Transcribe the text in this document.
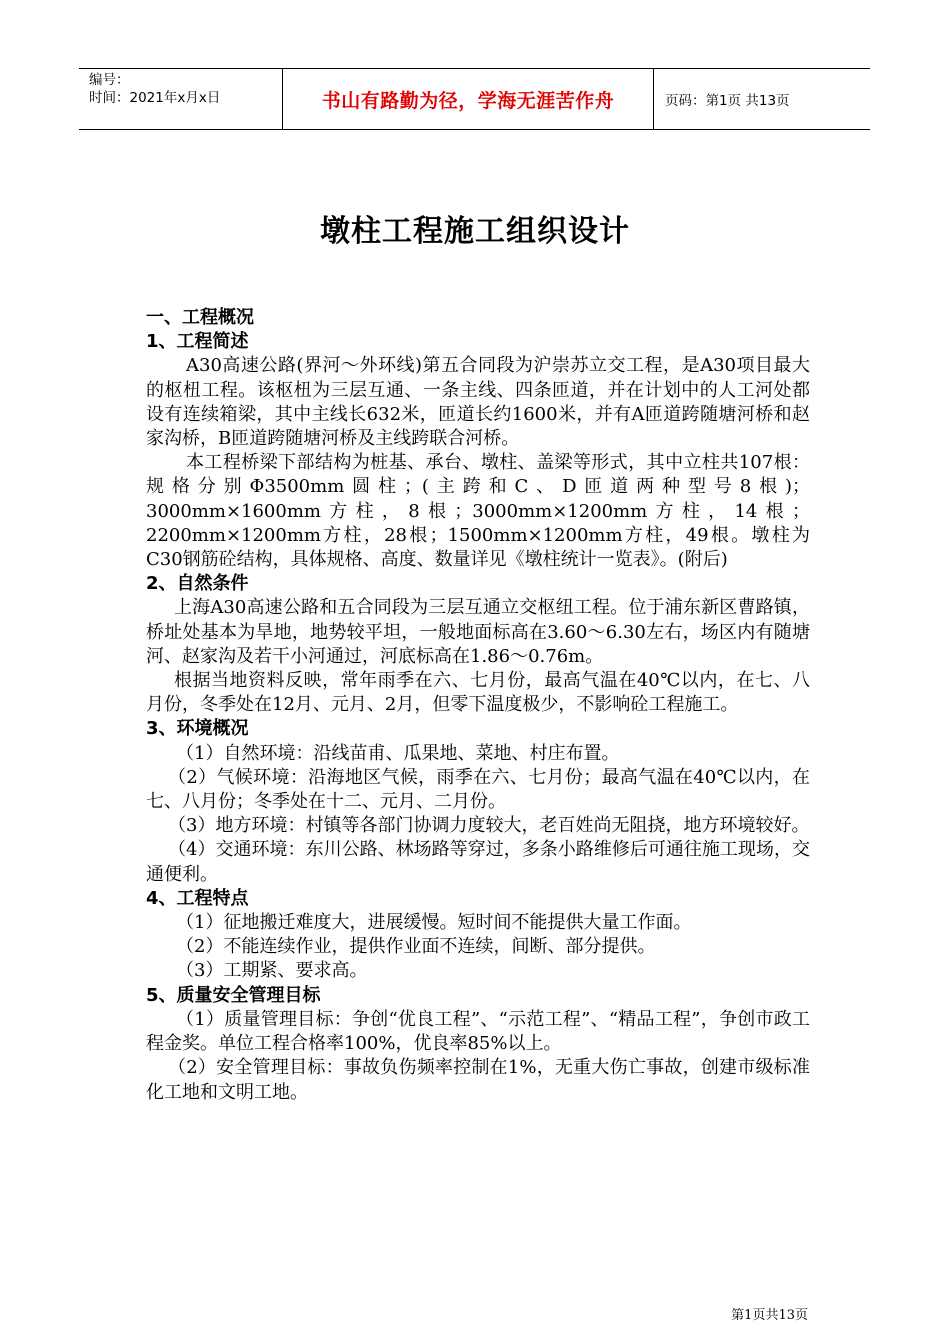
编号：
时间：2021年x月x日	书山有路勤为径，学海无涯苦作舟	页码：第1页 共13页
墩柱工程施工组织设计

一、工程概况

1、工程简述

A30高速公路(界河～外环线)第五合同段为沪崇苏立交工程，是A30项目最大的枢杻工程。该枢杻为三层互通、一条主线、四条匝道，并在计划中的人工河处都设有连续箱梁，其中主线长632米，匝道长约1600米，并有A匝道跨随塘河桥和赵家沟桥，B匝道跨随塘河桥及主线跨联合河桥。

本工程桥梁下部结构为桩基、承台、墩柱、盖梁等形式，其中立柱共107根：规格分别Φ3500mm圆柱；(主跨和C、D匝道两种型号8根)；3000mm×1600mm方柱，8根；3000mm×1200mm方柱，14根；2200mm×1200mm方柱，28根；1500mm×1200mm方柱，49根。墩柱为C30钢筋砼结构，具体规格、高度、数量详见《墩柱统计一览表》。(附后)

2、自然条件

上海A30高速公路和五合同段为三层互通立交枢纽工程。位于浦东新区曹路镇，桥址处基本为旱地，地势较平坦，一般地面标高在3.60～6.30左右，场区内有随塘河、赵家沟及若干小河通过，河底标高在1.86～0.76m。

根据当地资料反映，常年雨季在六、七月份，最高气温在40℃以内，在七、八月份，冬季处在12月、元月、2月，但零下温度极少，不影响砼工程施工。

3、环境概况

（1）自然环境：沿线苗甫、瓜果地、菜地、村庄布置。

（2）气候环境：沿海地区气候，雨季在六、七月份；最高气温在40℃以内，在七、八月份；冬季处在十二、元月、二月份。

（3）地方环境：村镇等各部门协调力度较大，老百姓尚无阻挠，地方环境较好。

（4）交通环境：东川公路、林场路等穿过，多条小路维修后可通往施工现场，交通便利。

4、工程特点

（1）征地搬迁难度大，进展缓慢。短时间不能提供大量工作面。

（2）不能连续作业，提供作业面不连续，间断、部分提供。

（3）工期紧、要求高。

5、质量安全管理目标

（1）质量管理目标：争创“优良工程”、“示范工程”、“精品工程”，争创市政工程金奖。单位工程合格率100%，优良率85%以上。

（2）安全管理目标：事故负伤频率控制在1%，无重大伤亡事故，创建市级标准化工地和文明工地。

第1页共13页
